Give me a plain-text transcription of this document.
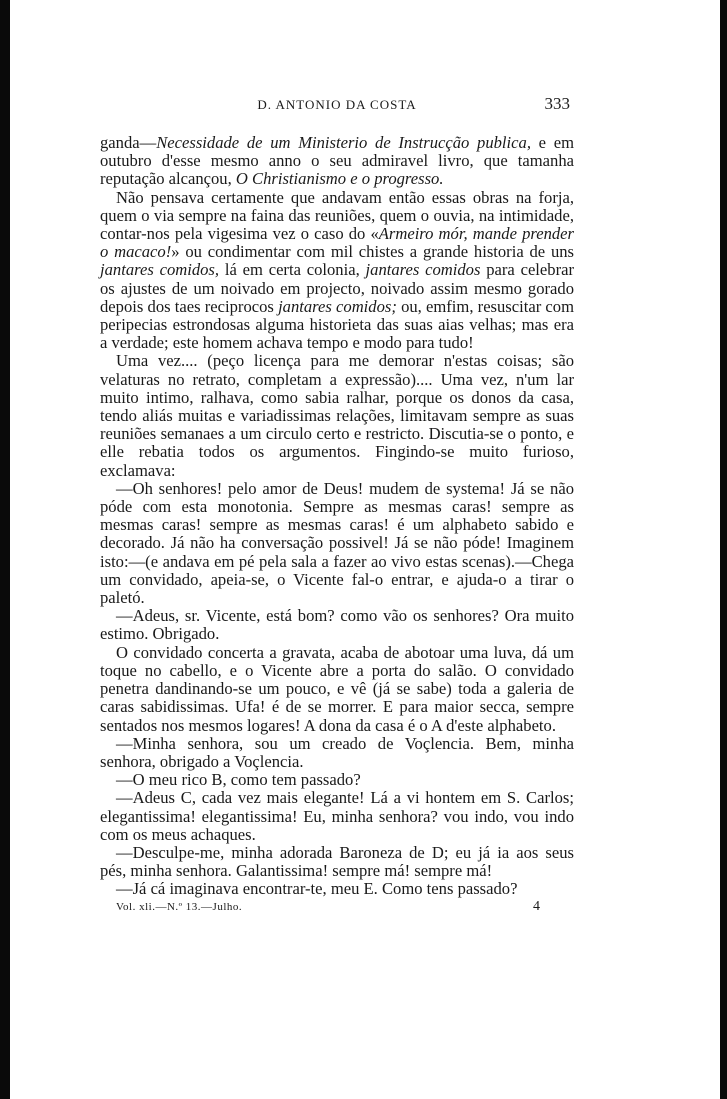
D. ANTONIO DA COSTA	333

ganda—Necessidade de um Ministerio de Instrucção publica, e em outubro d'esse mesmo anno o seu admiravel livro, que tamanha reputação alcançou, O Christianismo e o progresso.

Não pensava certamente que andavam então essas obras na forja, quem o via sempre na faina das reuniões, quem o ouvia, na intimidade, contar-nos pela vigesima vez o caso do «Armeiro mór, mande prender o macaco!» ou condimentar com mil chistes a grande historia de uns jantares comidos, lá em certa colonia, jantares comidos para celebrar os ajustes de um noivado em projecto, noivado assim mesmo gorado depois dos taes reciprocos jantares comidos; ou, emfim, resuscitar com peripecias estrondosas alguma historieta das suas aias velhas; mas era a verdade; este homem achava tempo e modo para tudo!

Uma vez.... (peço licença para me demorar n'estas coisas; são velaturas no retrato, completam a expressão).... Uma vez, n'um lar muito intimo, ralhava, como sabia ralhar, porque os donos da casa, tendo aliás muitas e variadissimas relações, limitavam sempre as suas reuniões semanaes a um circulo certo e restricto. Discutia-se o ponto, e elle rebatia todos os argumentos. Fingindo-se muito furioso, exclamava:

—Oh senhores! pelo amor de Deus! mudem de systema! Já se não póde com esta monotonia. Sempre as mesmas caras! sempre as mesmas caras! sempre as mesmas caras! é um alphabeto sabido e decorado. Já não ha conversação possivel! Já se não póde! Imaginem isto:—(e andava em pé pela sala a fazer ao vivo estas scenas).—Chega um convidado, apeia-se, o Vicente fal-o entrar, e ajuda-o a tirar o paletó.

—Adeus, sr. Vicente, está bom? como vão os senhores? Ora muito estimo. Obrigado.

O convidado concerta a gravata, acaba de abotoar uma luva, dá um toque no cabello, e o Vicente abre a porta do salão. O convidado penetra dandinando-se um pouco, e vê (já se sabe) toda a galeria de caras sabidissimas. Ufa! é de se morrer. E para maior secca, sempre sentados nos mesmos logares! A dona da casa é o A d'este alphabeto.

—Minha senhora, sou um creado de Voçlencia. Bem, minha senhora, obrigado a Voçlencia.

—O meu rico B, como tem passado?

—Adeus C, cada vez mais elegante! Lá a vi hontem em S. Carlos; elegantissima! elegantissima! Eu, minha senhora? vou indo, vou indo com os meus achaques.

—Desculpe-me, minha adorada Baroneza de D; eu já ia aos seus pés, minha senhora. Galantissima! sempre má! sempre má!

—Já cá imaginava encontrar-te, meu E. Como tens passado?

Vol. xli.—N.º 13.—Julho.	4
